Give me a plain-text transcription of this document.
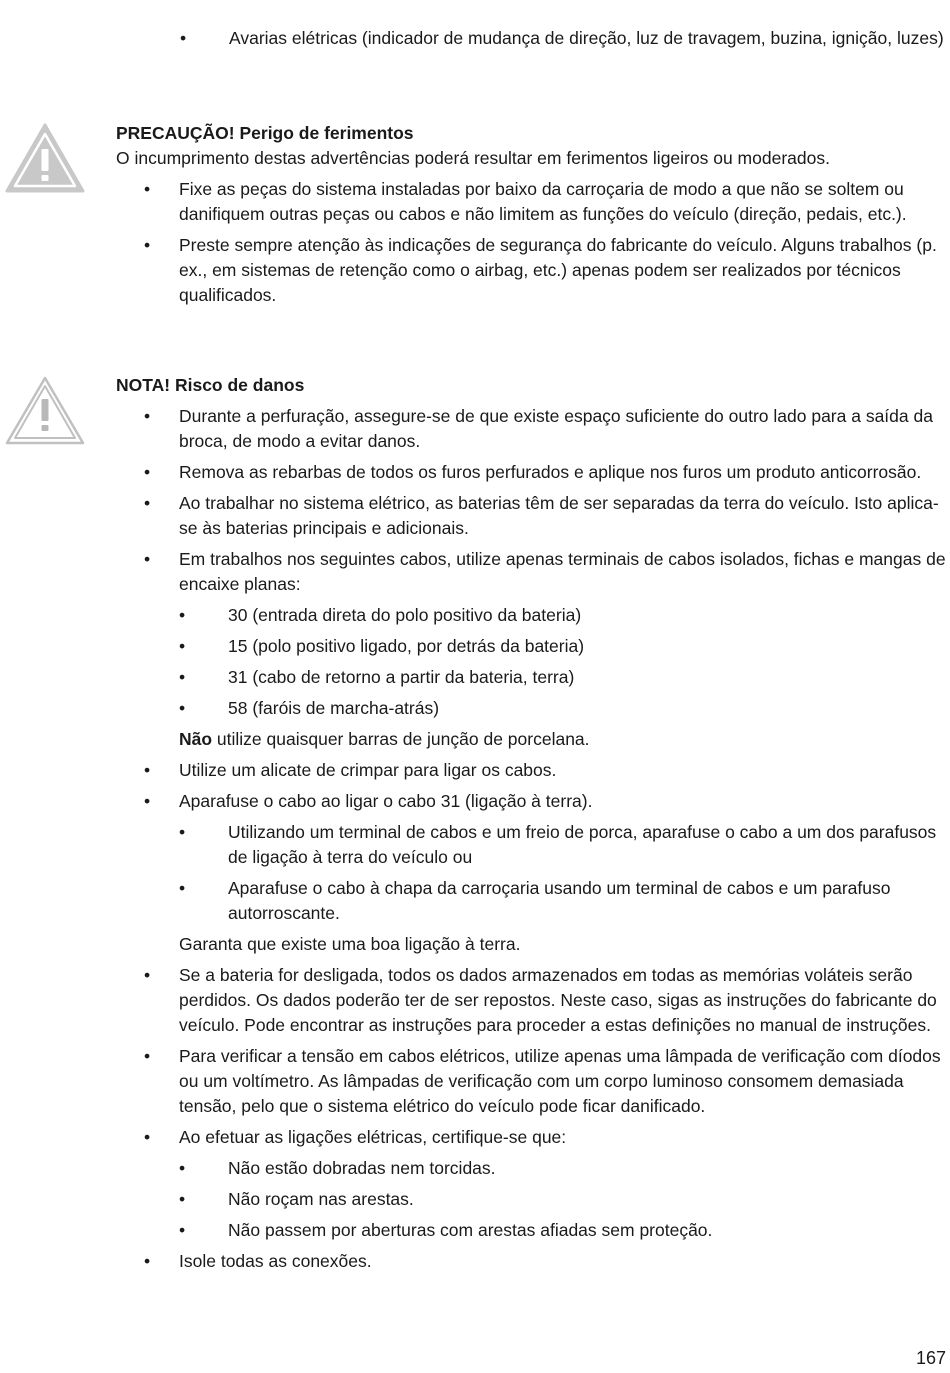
• Avarias elétricas (indicador de mudança de direção, luz de travagem, buzina, ignição, luzes)

PRECAUÇÃO! Perigo de ferimentos

O incumprimento destas advertências poderá resultar em ferimentos ligeiros ou moderados.

• Fixe as peças do sistema instaladas por baixo da carroçaria de modo a que não se soltem ou danifiquem outras peças ou cabos e não limitem as funções do veículo (direção, pedais, etc.).
• Preste sempre atenção às indicações de segurança do fabricante do veículo. Alguns trabalhos (p. ex., em sistemas de retenção como o airbag, etc.) apenas podem ser realizados por técnicos qualificados.

NOTA! Risco de danos

• Durante a perfuração, assegure-se de que existe espaço suficiente do outro lado para a saída da broca, de modo a evitar danos.
• Remova as rebarbas de todos os furos perfurados e aplique nos furos um produto anticorrosão.
• Ao trabalhar no sistema elétrico, as baterias têm de ser separadas da terra do veículo. Isto aplica-se às baterias principais e adicionais.
• Em trabalhos nos seguintes cabos, utilize apenas terminais de cabos isolados, fichas e mangas de encaixe planas:
• 30 (entrada direta do polo positivo da bateria)
• 15 (polo positivo ligado, por detrás da bateria)
• 31 (cabo de retorno a partir da bateria, terra)
• 58 (faróis de marcha-atrás)

Não utilize quaisquer barras de junção de porcelana.

• Utilize um alicate de crimpar para ligar os cabos.
• Aparafuse o cabo ao ligar o cabo 31 (ligação à terra).
• Utilizando um terminal de cabos e um freio de porca, aparafuse o cabo a um dos parafusos de ligação à terra do veículo ou
• Aparafuse o cabo à chapa da carroçaria usando um terminal de cabos e um parafuso autorroscante.

Garanta que existe uma boa ligação à terra.

• Se a bateria for desligada, todos os dados armazenados em todas as memórias voláteis serão perdidos. Os dados poderão ter de ser repostos. Neste caso, sigas as instruções do fabricante do veículo. Pode encontrar as instruções para proceder a estas definições no manual de instruções.
• Para verificar a tensão em cabos elétricos, utilize apenas uma lâmpada de verificação com díodos ou um voltímetro. As lâmpadas de verificação com um corpo luminoso consomem demasiada tensão, pelo que o sistema elétrico do veículo pode ficar danificado.
• Ao efetuar as ligações elétricas, certifique-se que:
• Não estão dobradas nem torcidas.
• Não roçam nas arestas.
• Não passem por aberturas com arestas afiadas sem proteção.
• Isole todas as conexões.
167
